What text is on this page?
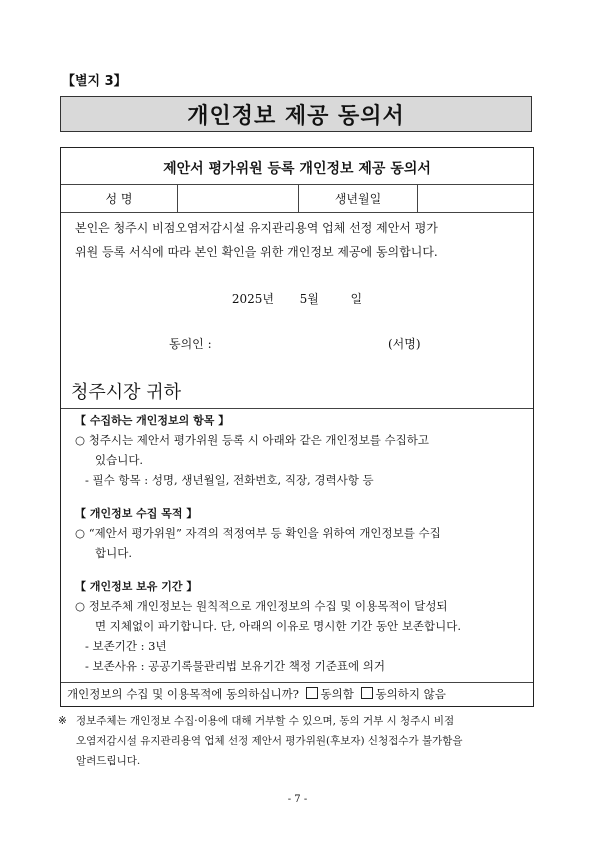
【별지 3】
개인정보 제공 동의서
제안서 평가위원 등록 개인정보 제공 동의서
성 명	생년월일
본인은 청주시 비점오염저감시설 유지관리용역 업체 선정 제안서 평가
위원 등록 서식에 따라 본인 확인을 위한 개인정보 제공에 동의합니다.
2025년 5월	일
동의인 :	(서명)
청주시장 귀하
【 수집하는 개인정보의 항목 】
○ 청주시는 제안서 평가위원 등록 시 아래와 같은 개인정보를 수집하고
있습니다.
- 필수 항목 : 성명, 생년월일, 전화번호, 직장, 경력사항 등
【 개인정보 수집 목적 】
○ “제안서 평가위원” 자격의 적정여부 등 확인을 위하여 개인정보를 수집
합니다.
【 개인정보 보유 기간 】
○ 정보주체 개인정보는 원칙적으로 개인정보의 수집 및 이용목적이 달성되
면 지체없이 파기합니다. 단, 아래의 이유로 명시한 기간 동안 보존합니다.
- 보존기간 : 3년
- 보존사유 : 공공기록물관리법 보유기간 책정 기준표에 의거
개인정보의 수집 및 이용목적에 동의하십니까? 동의함 동의하지 않음
※ 정보주체는 개인정보 수집·이용에 대해 거부할 수 있으며, 동의 거부 시 청주시 비점
오염저감시설 유지관리용역 업체 선정 제안서 평가위원(후보자) 신청접수가 불가함을
알려드립니다.
- 7 -
